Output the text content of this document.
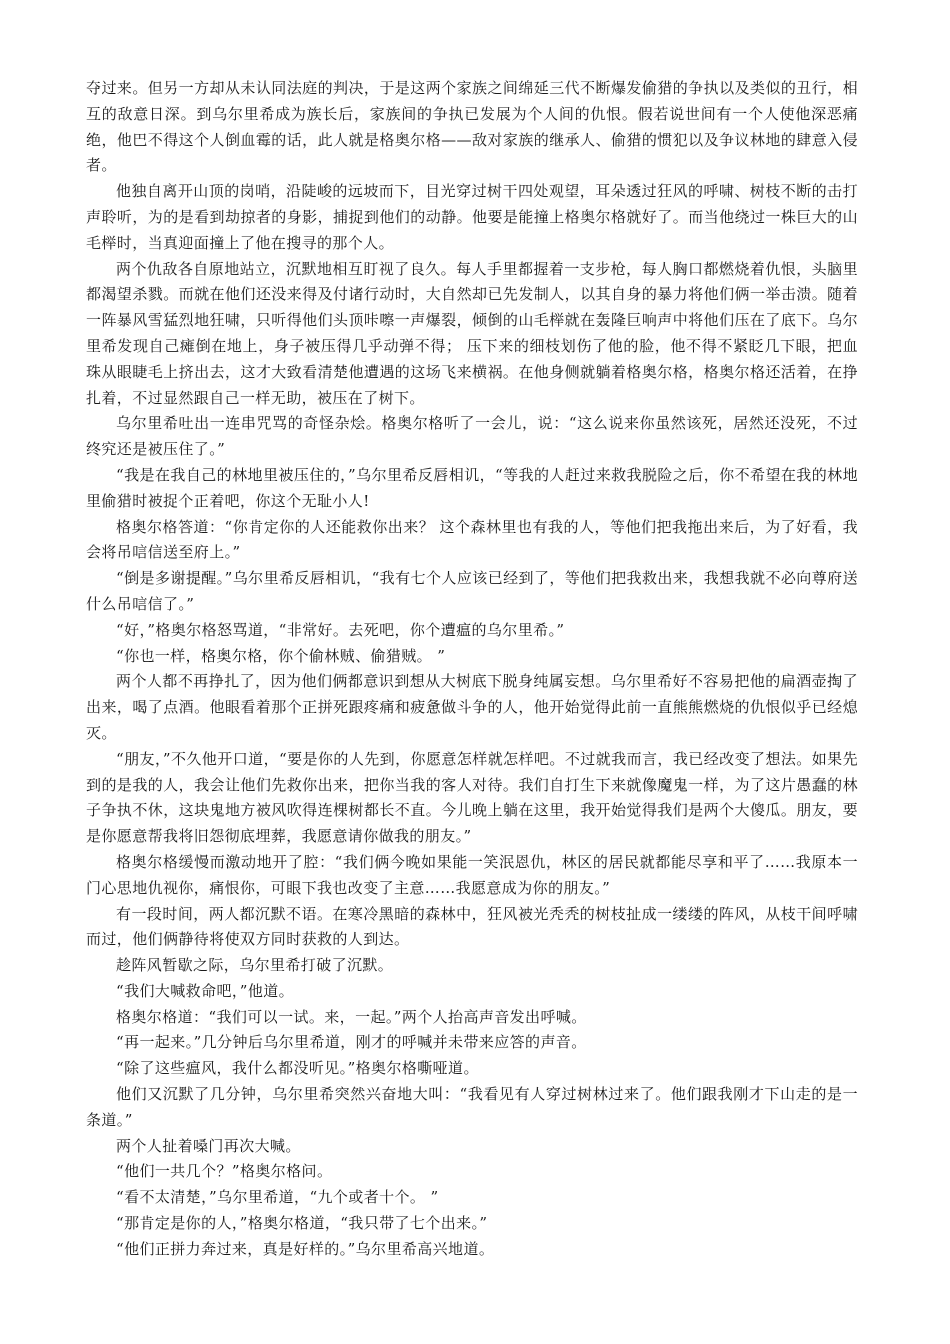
夺过来。但另一方却从未认同法庭的判决，于是这两个家族之间绵延三代不断爆发偷猎的争执以及类似的丑行，相互的敌意日深。到乌尔里希成为族长后，家族间的争执已发展为个人间的仇恨。假若说世间有一个人使他深恶痛绝，他巴不得这个人倒血霉的话，此人就是格奥尔格——敌对家族的继承人、偷猎的惯犯以及争议林地的肆意入侵者。

他独自离开山顶的岗哨，沿陡峻的远坡而下，目光穿过树干四处观望，耳朵透过狂风的呼啸、树枝不断的击打声聆听，为的是看到劫掠者的身影，捕捉到他们的动静。他要是能撞上格奥尔格就好了。而当他绕过一株巨大的山毛榉时，当真迎面撞上了他在搜寻的那个人。

两个仇敌各自原地站立，沉默地相互盯视了良久。每人手里都握着一支步枪，每人胸口都燃烧着仇恨，头脑里都渴望杀戮。而就在他们还没来得及付诸行动时，大自然却已先发制人，以其自身的暴力将他们俩一举击溃。随着一阵暴风雪猛烈地狂啸，只听得他们头顶咔嚓一声爆裂，倾倒的山毛榉就在轰隆巨响声中将他们压在了底下。乌尔里希发现自己瘫倒在地上，身子被压得几乎动弹不得； 压下来的细枝划伤了他的脸，他不得不紧眨几下眼，把血珠从眼睫毛上挤出去，这才大致看清楚他遭遇的这场飞来横祸。在他身侧就躺着格奥尔格，格奥尔格还活着，在挣扎着，不过显然跟自己一样无助，被压在了树下。

乌尔里希吐出一连串咒骂的奇怪杂烩。格奥尔格听了一会儿，说：“这么说来你虽然该死，居然还没死，不过终究还是被压住了。”

“我是在我自己的林地里被压住的，”乌尔里希反唇相讥，“等我的人赶过来救我脱险之后，你不希望在我的林地里偷猎时被捉个正着吧，你这个无耻小人!

格奥尔格答道：“你肯定你的人还能救你出来？ 这个森林里也有我的人，等他们把我拖出来后，为了好看，我会将吊唁信送至府上。”

“倒是多谢提醒。”乌尔里希反唇相讥，“我有七个人应该已经到了，等他们把我救出来，我想我就不必向尊府送什么吊唁信了。”

“好，”格奥尔格怒骂道，“非常好。去死吧，你个遭瘟的乌尔里希。”

“你也一样，格奥尔格，你个偷林贼、偷猎贼。 ”

两个人都不再挣扎了，因为他们俩都意识到想从大树底下脱身纯属妄想。乌尔里希好不容易把他的扁酒壶掏了出来，喝了点酒。他眼看着那个正拼死跟疼痛和疲惫做斗争的人，他开始觉得此前一直熊熊燃烧的仇恨似乎已经熄灭。

“朋友，”不久他开口道，“要是你的人先到，你愿意怎样就怎样吧。不过就我而言，我已经改变了想法。如果先到的是我的人，我会让他们先救你出来，把你当我的客人对待。我们自打生下来就像魔鬼一样，为了这片愚蠢的林子争执不休，这块鬼地方被风吹得连棵树都长不直。今儿晚上躺在这里，我开始觉得我们是两个大傻瓜。朋友，要是你愿意帮我将旧怨彻底埋葬，我愿意请你做我的朋友。”

格奥尔格缓慢而激动地开了腔：“我们俩今晚如果能一笑泯恩仇，林区的居民就都能尽享和平了……我原本一门心思地仇视你，痛恨你，可眼下我也改变了主意……我愿意成为你的朋友。”

有一段时间，两人都沉默不语。在寒冷黑暗的森林中，狂风被光秃秃的树枝扯成一缕缕的阵风，从枝干间呼啸而过，他们俩静待将使双方同时获救的人到达。

趁阵风暂歇之际，乌尔里希打破了沉默。

“我们大喊救命吧，”他道。

格奥尔格道：“我们可以一试。来，一起。”两个人抬高声音发出呼喊。

“再一起来。”几分钟后乌尔里希道，刚才的呼喊并未带来应答的声音。

“除了这些瘟风，我什么都没听见。”格奥尔格嘶哑道。

他们又沉默了几分钟，乌尔里希突然兴奋地大叫：“我看见有人穿过树林过来了。他们跟我刚才下山走的是一条道。”

两个人扯着嗓门再次大喊。

“他们一共几个？”格奥尔格问。

“看不太清楚，”乌尔里希道，“九个或者十个。 ”

“那肯定是你的人，”格奥尔格道，“我只带了七个出来。”

“他们正拼力奔过来，真是好样的。”乌尔里希高兴地道。
